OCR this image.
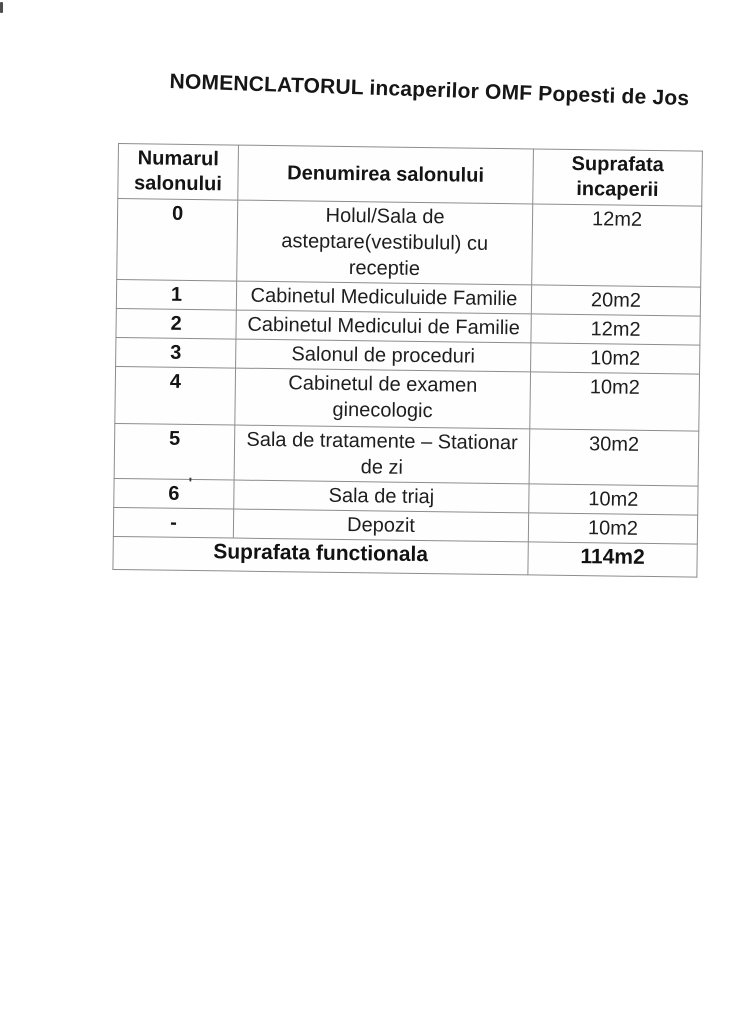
NOMENCLATORUL incaperilor OMF Popesti de Jos
Numarul salonului	Denumirea salonului	Suprafata incaperii
0	Holul/Sala de
asteptare(vestibulul) cu
receptie	12m2
1	Cabinetul Mediculuide Familie	20m2
2	Cabinetul Medicului de Familie	12m2
3	Salonul de proceduri	10m2
4	Cabinetul de examen
ginecologic	10m2
5	Sala de tratamente – Stationar
de zi	30m2
6	Sala de triaj	10m2
-	Depozit	10m2
Suprafata functionala		114m2
'
